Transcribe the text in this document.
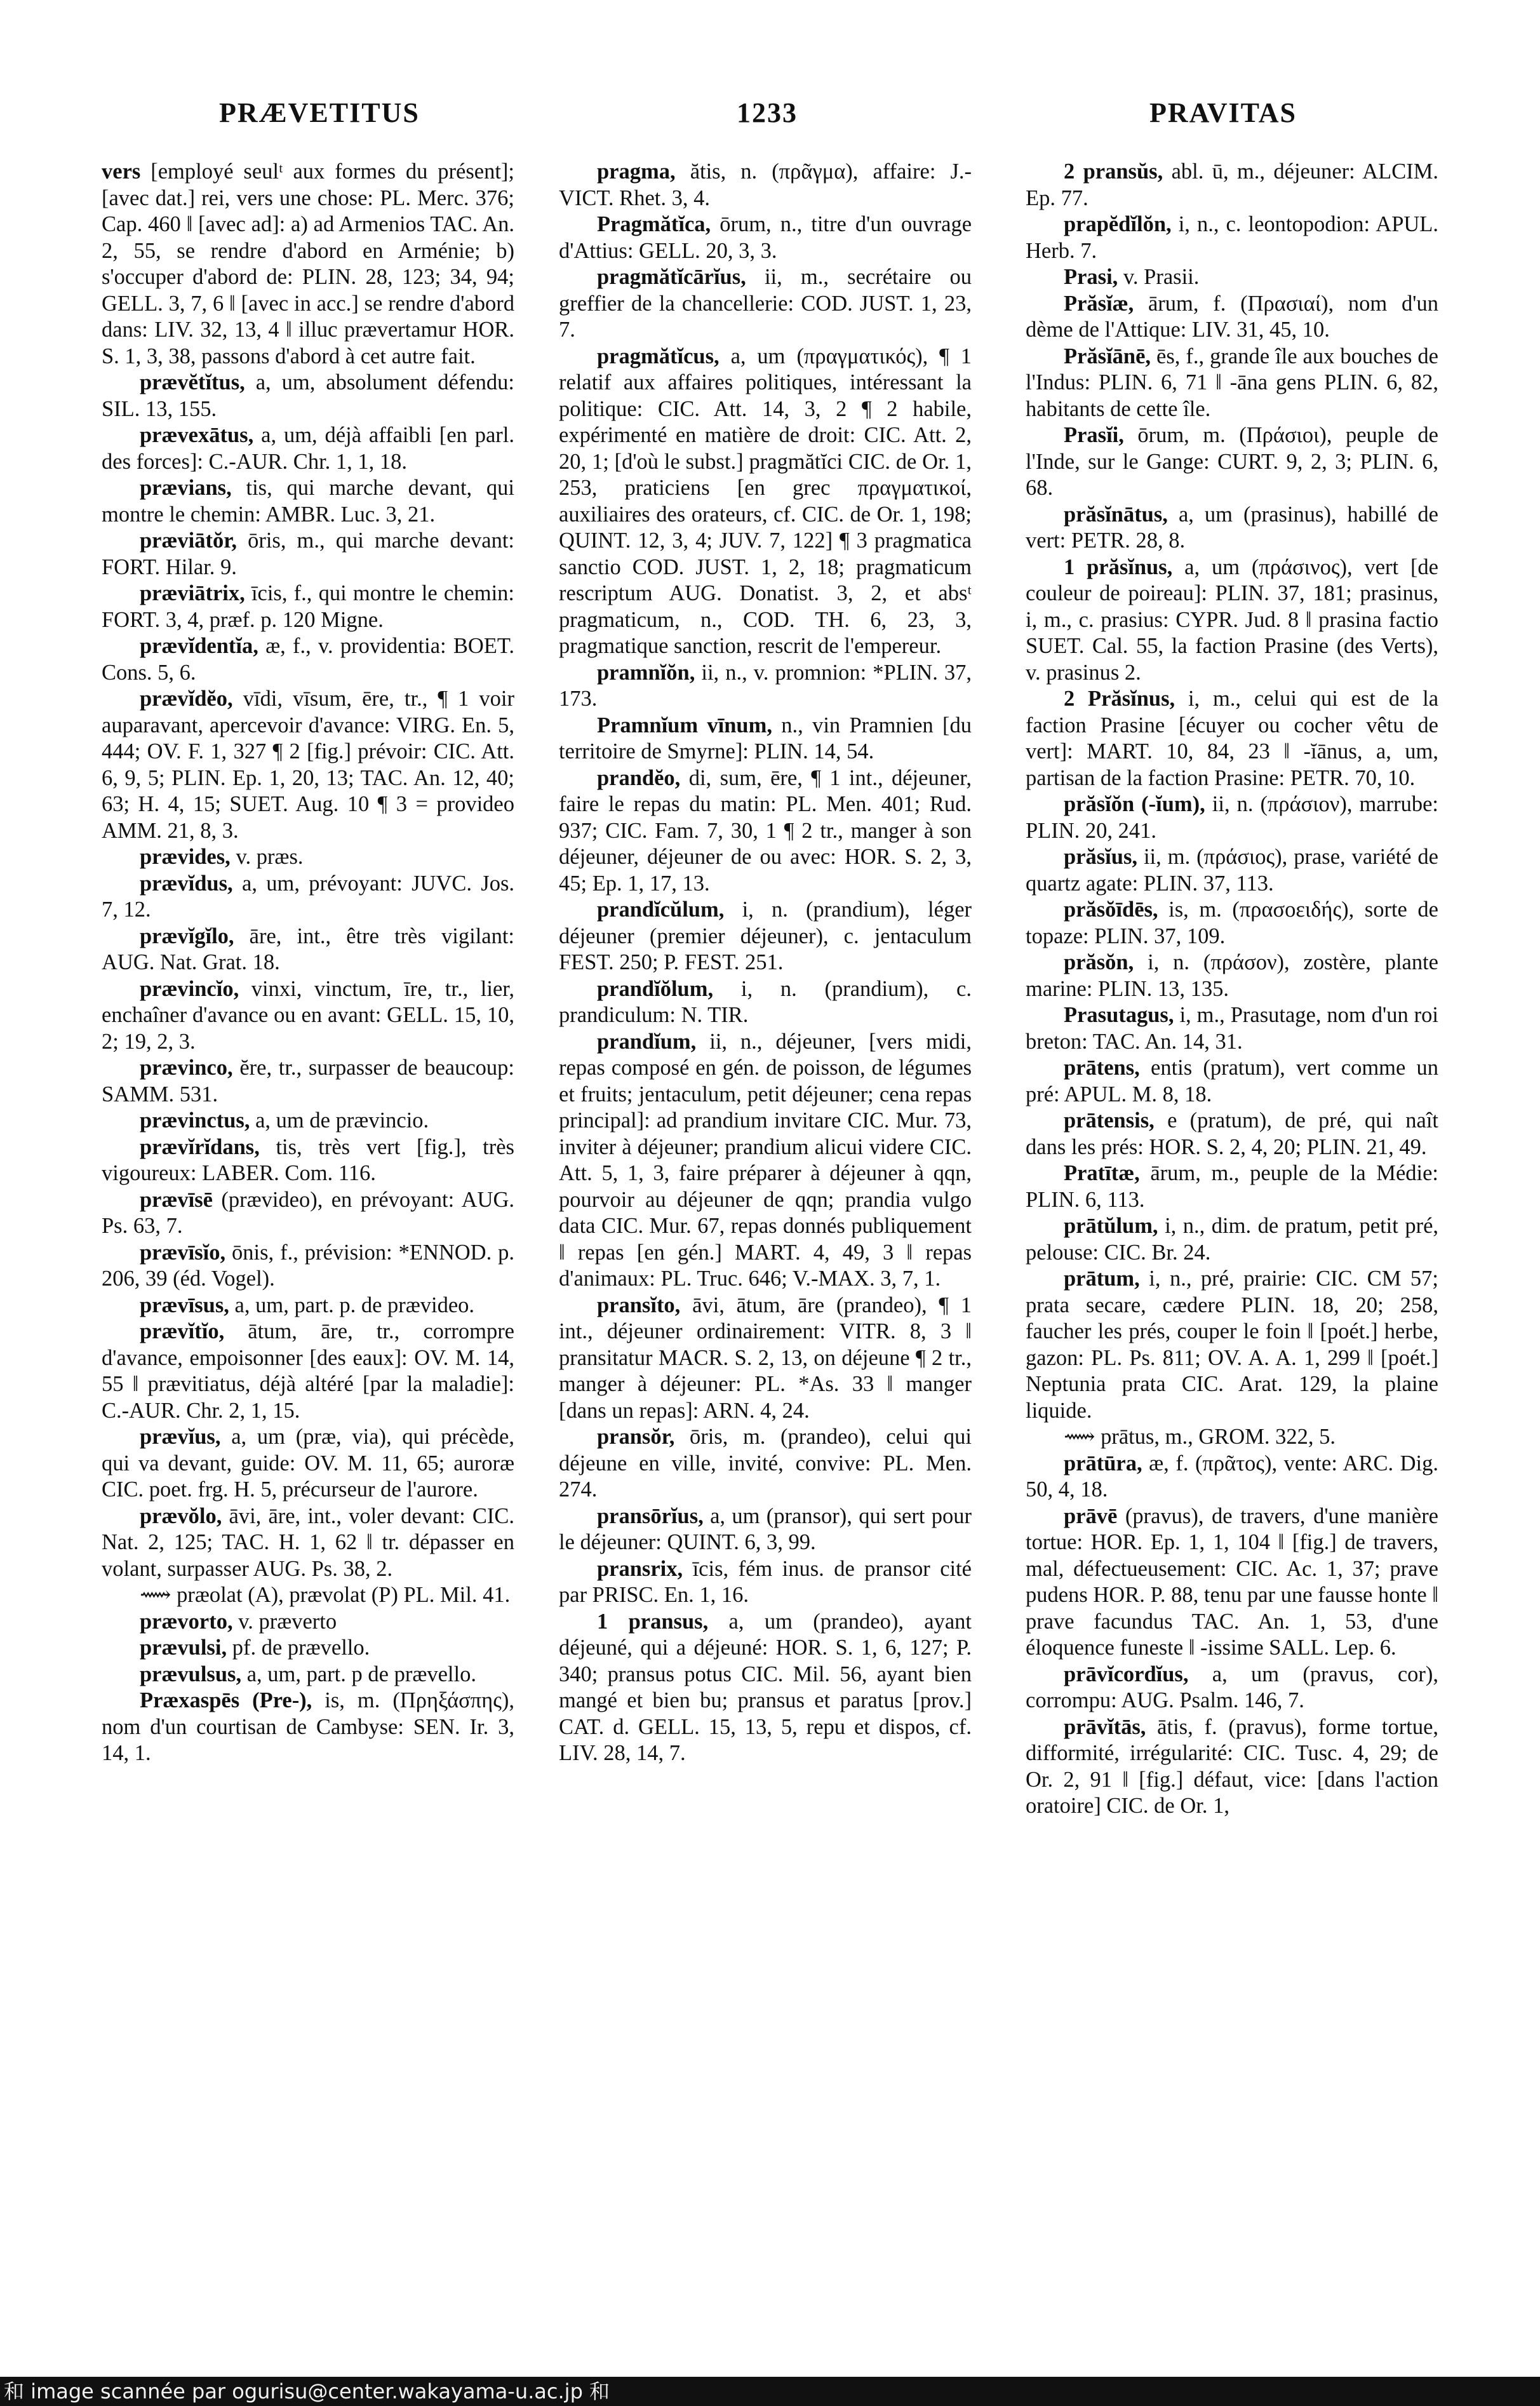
PRÆVETITUS	1233	PRAVITAS

vers [employé seulᵗ aux formes du présent]; [avec dat.] rei, vers une chose: PL. Merc. 376; Cap. 460 ‖ [avec ad]: a) ad Armenios TAC. An. 2, 55, se rendre d'abord en Arménie; b) s'occuper d'abord de: PLIN. 28, 123; 34, 94; GELL. 3, 7, 6 ‖ [avec in acc.] se rendre d'abord dans: LIV. 32, 13, 4 ‖ illuc prævertamur HOR. S. 1, 3, 38, passons d'abord à cet autre fait.

prævĕtĭtus, a, um, absolument défendu: SIL. 13, 155.

prævexātus, a, um, déjà affaibli [en parl. des forces]: C.-AUR. Chr. 1, 1, 18.

prævians, tis, qui marche devant, qui montre le chemin: AMBR. Luc. 3, 21.

præviātŏr, ōris, m., qui marche devant: FORT. Hilar. 9.

præviātrix, īcis, f., qui montre le chemin: FORT. 3, 4, præf. p. 120 Migne.

prævĭdentĭa, æ, f., v. providentia: BOET. Cons. 5, 6.

prævĭdĕo, vīdi, vīsum, ēre, tr., ¶ 1 voir auparavant, apercevoir d'avance: VIRG. En. 5, 444; OV. F. 1, 327 ¶ 2 [fig.] prévoir: CIC. Att. 6, 9, 5; PLIN. Ep. 1, 20, 13; TAC. An. 12, 40; 63; H. 4, 15; SUET. Aug. 10 ¶ 3 = provideo AMM. 21, 8, 3.

prævides, v. præs.

prævĭdus, a, um, prévoyant: JUVC. Jos. 7, 12.

prævĭgĭlo, āre, int., être très vigilant: AUG. Nat. Grat. 18.

prævincĭo, vinxi, vinctum, īre, tr., lier, enchaîner d'avance ou en avant: GELL. 15, 10, 2; 19, 2, 3.

prævinco, ĕre, tr., surpasser de beaucoup: SAMM. 531.

prævinctus, a, um de prævincio.

prævĭrĭdans, tis, très vert [fig.], très vigoureux: LABER. Com. 116.

prævīsē (prævideo), en prévoyant: AUG. Ps. 63, 7.

prævīsĭo, ōnis, f., prévision: *ENNOD. p. 206, 39 (éd. Vogel).

prævīsus, a, um, part. p. de prævideo.

prævĭtĭo, ātum, āre, tr., corrompre d'avance, empoisonner [des eaux]: OV. M. 14, 55 ‖ prævitiatus, déjà altéré [par la maladie]: C.-AUR. Chr. 2, 1, 15.

prævĭus, a, um (præ, via), qui précède, qui va devant, guide: OV. M. 11, 65; auroræ CIC. poet. frg. H. 5, précurseur de l'aurore.

prævŏlo, āvi, āre, int., voler devant: CIC. Nat. 2, 125; TAC. H. 1, 62 ‖ tr. dépasser en volant, surpasser AUG. Ps. 38, 2.

⟿ præolat (A), prævolat (P) PL. Mil. 41.

prævorto, v. præverto

prævulsi, pf. de prævello.

prævulsus, a, um, part. p de prævello.

Præxaspēs (Pre-), is, m. (Πρηξάσπης), nom d'un courtisan de Cambyse: SEN. Ir. 3, 14, 1.

pragma, ătis, n. (πρᾶγμα), affaire: J.-VICT. Rhet. 3, 4.

Pragmătĭca, ōrum, n., titre d'un ouvrage d'Attius: GELL. 20, 3, 3.

pragmătĭcārĭus, ii, m., secrétaire ou greffier de la chancellerie: COD. JUST. 1, 23, 7.

pragmătĭcus, a, um (πραγματικός), ¶ 1 relatif aux affaires politiques, intéressant la politique: CIC. Att. 14, 3, 2 ¶ 2 habile, expérimenté en matière de droit: CIC. Att. 2, 20, 1; [d'où le subst.] pragmătĭci CIC. de Or. 1, 253, praticiens [en grec πραγματικοί, auxiliaires des orateurs, cf. CIC. de Or. 1, 198; QUINT. 12, 3, 4; JUV. 7, 122] ¶ 3 pragmatica sanctio COD. JUST. 1, 2, 18; pragmaticum rescriptum AUG. Donatist. 3, 2, et absᵗ pragmaticum, n., COD. TH. 6, 23, 3, pragmatique sanction, rescrit de l'empereur.

pramnĭŏn, ii, n., v. promnion: *PLIN. 37, 173.

Pramnĭum vīnum, n., vin Pramnien [du territoire de Smyrne]: PLIN. 14, 54.

prandĕo, di, sum, ēre, ¶ 1 int., déjeuner, faire le repas du matin: PL. Men. 401; Rud. 937; CIC. Fam. 7, 30, 1 ¶ 2 tr., manger à son déjeuner, déjeuner de ou avec: HOR. S. 2, 3, 45; Ep. 1, 17, 13.

prandĭcŭlum, i, n. (prandium), léger déjeuner (premier déjeuner), c. jentaculum FEST. 250; P. FEST. 251.

prandĭŏlum, i, n. (prandium), c. prandiculum: N. TIR.

prandĭum, ii, n., déjeuner, [vers midi, repas composé en gén. de poisson, de légumes et fruits; jentaculum, petit déjeuner; cena repas principal]: ad prandium invitare CIC. Mur. 73, inviter à déjeuner; prandium alicui videre CIC. Att. 5, 1, 3, faire préparer à déjeuner à qqn, pourvoir au déjeuner de qqn; prandia vulgo data CIC. Mur. 67, repas donnés publiquement ‖ repas [en gén.] MART. 4, 49, 3 ‖ repas d'animaux: PL. Truc. 646; V.-MAX. 3, 7, 1.

pransĭto, āvi, ātum, āre (prandeo), ¶ 1 int., déjeuner ordinairement: VITR. 8, 3 ‖ pransitatur MACR. S. 2, 13, on déjeune ¶ 2 tr., manger à déjeuner: PL. *As. 33 ‖ manger [dans un repas]: ARN. 4, 24.

pransŏr, ōris, m. (prandeo), celui qui déjeune en ville, invité, convive: PL. Men. 274.

pransōrĭus, a, um (pransor), qui sert pour le déjeuner: QUINT. 6, 3, 99.

pransrix, īcis, fém inus. de pransor cité par PRISC. En. 1, 16.

1 pransus, a, um (prandeo), ayant déjeuné, qui a déjeuné: HOR. S. 1, 6, 127; P. 340; pransus potus CIC. Mil. 56, ayant bien mangé et bien bu; pransus et paratus [prov.] CAT. d. GELL. 15, 13, 5, repu et dispos, cf. LIV. 28, 14, 7.

2 pransŭs, abl. ū, m., déjeuner: ALCIM. Ep. 77.

prapĕdĭlŏn, i, n., c. leontopodion: APUL. Herb. 7.

Prasi, v. Prasii.

Prăsĭæ, ārum, f. (Πρασιαί), nom d'un dème de l'Attique: LIV. 31, 45, 10.

Prăsĭānē, ēs, f., grande île aux bouches de l'Indus: PLIN. 6, 71 ‖ -āna gens PLIN. 6, 82, habitants de cette île.

Prasĭi, ōrum, m. (Πράσιοι), peuple de l'Inde, sur le Gange: CURT. 9, 2, 3; PLIN. 6, 68.

prăsĭnātus, a, um (prasinus), habillé de vert: PETR. 28, 8.

1 prăsĭnus, a, um (πράσινος), vert [de couleur de poireau]: PLIN. 37, 181; prasinus, i, m., c. prasius: CYPR. Jud. 8 ‖ prasina factio SUET. Cal. 55, la faction Prasine (des Verts), v. prasinus 2.

2 Prăsĭnus, i, m., celui qui est de la faction Prasine [écuyer ou cocher vêtu de vert]: MART. 10, 84, 23 ‖ -ĭānus, a, um, partisan de la faction Prasine: PETR. 70, 10.

prăsĭŏn (-ĭum), ii, n. (πράσιον), marrube: PLIN. 20, 241.

prăsĭus, ii, m. (πράσιος), prase, variété de quartz agate: PLIN. 37, 113.

prăsŏīdēs, is, m. (πρασοειδής), sorte de topaze: PLIN. 37, 109.

prăsŏn, i, n. (πράσον), zostère, plante marine: PLIN. 13, 135.

Prasutagus, i, m., Prasutage, nom d'un roi breton: TAC. An. 14, 31.

prātens, entis (pratum), vert comme un pré: APUL. M. 8, 18.

prātensis, e (pratum), de pré, qui naît dans les prés: HOR. S. 2, 4, 20; PLIN. 21, 49.

Pratītæ, ārum, m., peuple de la Médie: PLIN. 6, 113.

prātŭlum, i, n., dim. de pratum, petit pré, pelouse: CIC. Br. 24.

prātum, i, n., pré, prairie: CIC. CM 57; prata secare, cædere PLIN. 18, 20; 258, faucher les prés, couper le foin ‖ [poét.] herbe, gazon: PL. Ps. 811; OV. A. A. 1, 299 ‖ [poét.] Neptunia prata CIC. Arat. 129, la plaine liquide.

⟿ prātus, m., GROM. 322, 5.

prātūra, æ, f. (πρᾶτος), vente: ARC. Dig. 50, 4, 18.

prāvē (pravus), de travers, d'une manière tortue: HOR. Ep. 1, 1, 104 ‖ [fig.] de travers, mal, défectueusement: CIC. Ac. 1, 37; prave pudens HOR. P. 88, tenu par une fausse honte ‖ prave facundus TAC. An. 1, 53, d'une éloquence funeste ‖ -issime SALL. Lep. 6.

prāvĭcordĭus, a, um (pravus, cor), corrompu: AUG. Psalm. 146, 7.

prāvĭtās, ātis, f. (pravus), forme tortue, difformité, irrégularité: CIC. Tusc. 4, 29; de Or. 2, 91 ‖ [fig.] défaut, vice: [dans l'action oratoire] CIC. de Or. 1,

和 image scannée par ogurisu@center.wakayama-u.ac.jp 和
